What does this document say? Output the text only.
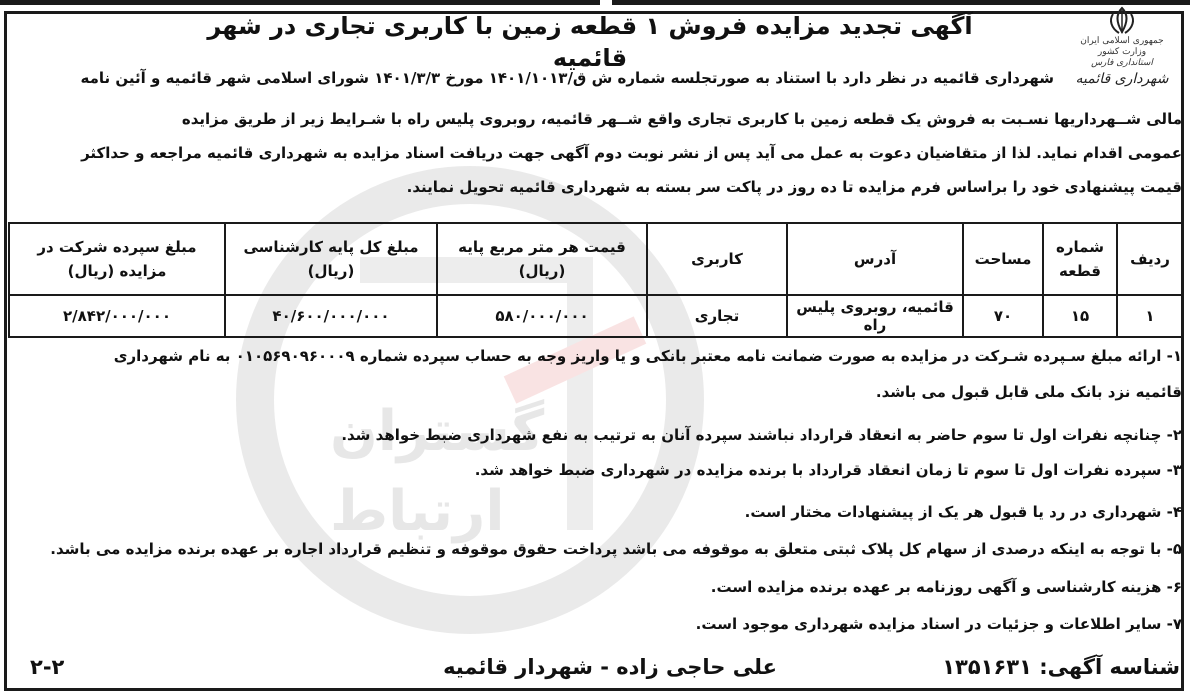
گستران
ارتباط
جمهوری اسلامی ایران
وزارت کشور
استانداری فارس
شهرداری قائمیه
آگهی تجدید مزایده فروش ۱ قطعه زمین با کاربری تجاری در شهر قائمیه
شهرداری قائمیه در نظر دارد با استناد به صورتجلسه شماره ش ق/۱۴۰۱/۱۰۱۳ مورخ ۱۴۰۱/۳/۳ شورای اسلامی شهر قائمیه و آئین نامه
مالی شــهرداریها نسـبت به فروش یک قطعه زمین با کاربری تجاری واقع شــهر قائمیه، روبروی پلیس راه با شـرایط زیر از طریق مزایده
عمومی اقدام نماید. لذا از متقاضیان دعوت به عمل می آید پس از نشر نوبت دوم آگهی جهت دریافت اسناد مزایده به شهرداری قائمیه مراجعه و حداکثر
قیمت پیشنهادی خود را براساس فرم مزایده تا ده روز در پاکت سر بسته به شهرداری قائمیه تحویل نمایند.
ردیف	شماره قطعه	مساحت	آدرس	کاربری	قیمت هر متر مربع پایه (ریال)	مبلغ کل پایه کارشناسی (ریال)	مبلغ سپرده شرکت در مزایده (ریال)
۱	۱۵	۷۰	قائمیه، روبروی پلیس راه	تجاری	۵۸۰/۰۰۰/۰۰۰	۴۰/۶۰۰/۰۰۰/۰۰۰	۲/۸۴۲/۰۰۰/۰۰۰
۱- ارائه مبلغ سـپرده شـرکت در مزایده به صورت ضمانت نامه معتبر بانکی و یا واریز وجه به حساب سپرده شماره ۰۱۰۵۶۹۰۹۶۰۰۰۹ به نام شهرداری
قائمیه نزد بانک ملی قابل قبول می باشد.
۲- چنانچه نفرات اول تا سوم حاضر به انعقاد قرارداد نباشند سپرده آنان به ترتیب به نفع شهرداری ضبط خواهد شد.
۳- سپرده نفرات اول تا سوم تا زمان انعقاد قرارداد با برنده مزایده در شهرداری ضبط خواهد شد.
۴- شهرداری در رد یا قبول هر یک از پیشنهادات مختار است.
۵- با توجه به اینکه درصدی از سهام کل پلاک ثبتی متعلق به موقوفه می باشد پرداخت حقوق موقوفه و تنظیم قرارداد اجاره بر عهده برنده مزایده می باشد.
۶- هزینه کارشناسی و آگهی روزنامه بر عهده برنده مزایده است.
۷- سایر اطلاعات و جزئیات در اسناد مزایده شهرداری موجود است.
شناسه آگهی: ۱۳۵۱۶۳۱
علی حاجی زاده - شهردار قائمیه
۲-۲
